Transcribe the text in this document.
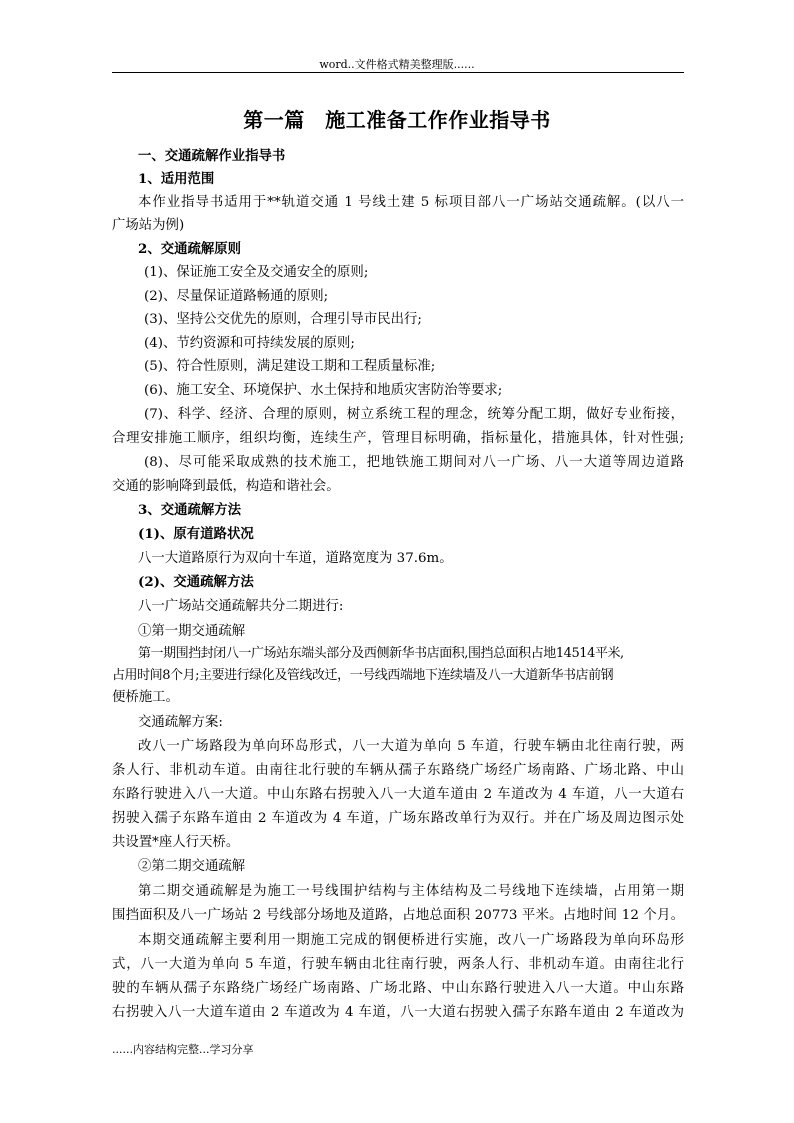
word..文件格式精美整理版......
第一篇　施工准备工作作业指导书
一、交通疏解作业指导书
1、适用范围
本作业指导书适用于**轨道交通 1 号线土建 5 标项目部八一广场站交通疏解。(以八一
广场站为例)
2、交通疏解原则
(1)、保证施工安全及交通安全的原则;
(2)、尽量保证道路畅通的原则;
(3)、坚持公交优先的原则，合理引导市民出行;
(4)、节约资源和可持续发展的原则;
(5)、符合性原则，满足建设工期和工程质量标准;
(6)、施工安全、环境保护、水土保持和地质灾害防治等要求;
(7)、科学、经济、合理的原则，树立系统工程的理念，统筹分配工期，做好专业衔接，
合理安排施工顺序，组织均衡，连续生产，管理目标明确，指标量化，措施具体，针对性强;
(8)、尽可能采取成熟的技术施工，把地铁施工期间对八一广场、八一大道等周边道路
交通的影响降到最低，构造和谐社会。
3、交通疏解方法
(1)、原有道路状况
八一大道路原行为双向十车道，道路宽度为 37.6m。
(2)、交通疏解方法
八一广场站交通疏解共分二期进行:
①第一期交通疏解
第一期围挡封闭八一广场站东端头部分及西侧新华书店面积,围挡总面积占地14514平米,
占用时间8个月;主要进行绿化及管线改迁，一号线西端地下连续墙及八一大道新华书店前钢
便桥施工。
交通疏解方案:
改八一广场路段为单向环岛形式，八一大道为单向 5 车道，行驶车辆由北往南行驶，两
条人行、非机动车道。由南往北行驶的车辆从孺子东路绕广场经广场南路、广场北路、中山
东路行驶进入八一大道。中山东路右拐驶入八一大道车道由 2 车道改为 4 车道，八一大道右
拐驶入孺子东路车道由 2 车道改为 4 车道，广场东路改单行为双行。并在广场及周边图示处
共设置*座人行天桥。
②第二期交通疏解
第二期交通疏解是为施工一号线围护结构与主体结构及二号线地下连续墙，占用第一期
围挡面积及八一广场站 2 号线部分场地及道路，占地总面积 20773 平米。占地时间 12 个月。
本期交通疏解主要利用一期施工完成的钢便桥进行实施，改八一广场路段为单向环岛形
式，八一大道为单向 5 车道，行驶车辆由北往南行驶，两条人行、非机动车道。由南往北行
驶的车辆从孺子东路绕广场经广场南路、广场北路、中山东路行驶进入八一大道。中山东路
右拐驶入八一大道车道由 2 车道改为 4 车道，八一大道右拐驶入孺子东路车道由 2 车道改为
......内容结构完整...学习分享
